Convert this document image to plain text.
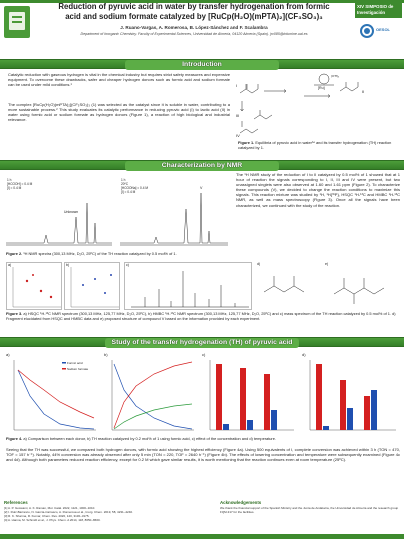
Reduction of pyruvic acid in water by transfer hydrogenation from formic
acid and sodium formate catalyzed by [RuCp(H₂O)(mPTA)₂](CF₃SO₃)₃
J. Ruano-Vargas, A. Romerosa, B. López-Sánchez and F. Scalambra
Department of Inorganic Chemistry. Faculty of Experimental Sciences, Universidad de Almería, 04120 Almería (Spain). jrv085@inlumine.ual.es
XIV SIMPOSIO de Investigación
OESOL
Introduction
Catalytic reduction with gaseous hydrogen is vital in the chemical industry but requires strict safety measures and expensive equipment. To overcome these drawbacks, safer and cheaper hydrogen donors such as formic acid and sodium formate can be used under mild conditions.¹
The complex [RuCp(H₂O)(mPTA)₂](CF₃SO₃)₃ (1) was selected as the catalyst since it is soluble in water, contributing to a more sustainable process.² This study evaluates its catalytic performance in reducing pyruvic acid (I) to lactic acid (II) in water using formic acid or sodium formate as hydrogen donors (Figure 1), a reaction of high biological and industrial relevance.
I
III
IV
II
[Ru]
(OTf)₃
Figure 1. Equilibria of pyruvic acid in water³⁴ and its transfer hydrogenation (TH) reaction catalyzed by 1.
Characterization by NMR
1 h [HCOOH] = 0.4 M [I] = 0.4 M
1 h 20ºC [HCOONa] = 0.4 M [I] = 0.4 M
Unknown
V
Figure 2. ¹H NMR spectra (300,13 MHz, D₂O, 25ºC) of the TH reaction catalyzed by 0.5 mol% of 1.
The ¹H NMR study of the reduction of I to II catalyzed by 0.5 mol% of 1 showed that at 1 hour of reaction the signals corresponding to I, II, III and IV were present, but two unassigned singlets were also observed at 1.60 and 1.61 ppm (Figure 2). To characterize these compounds (V), we decided to change the reaction conditions to maximize this signals. This reaction mixture was studied by ¹H, ¹H{³¹P}, HSQC ¹H-¹³C and HMBC ¹H-¹³C NMR, as well as mass spectroscopy (Figure 3). Once all the signals have been characterized, we continued with the study of the reaction.
a)	b)	c)	d)	e)
Figure 3. a) HSQC ¹H-¹³C NMR spectrum (300,13 MHz, 125,77 MHz, D₂O, 25ºC), b) HMBC ¹H-¹³C NMR spectrum (300,13 MHz, 125,77 MHz, D₂O, 25ºC) and c) mass spectrum of the TH reaction catalyzed by 0.5 mol% of 1. d) Fragment elucidated from HSQC and HMBC data and e) proposed structure of compound V based on the information provided by each experiment.
Study of the transfer hydrogenation (TH) of pyruvic acid
a)
Formic acid
Sodium formate
b)	c)	d)
Figure 4. a) Comparison between each donor, b) TH reaction catalyzed by 0.2 mol% of 1 using formic acid, c) effect of the concentration and d) temperature.
Seeing that the TH was successful, we compared both hydrogen donors, with formic acid showing the highest efficiency (Figure 4a). Using 500 equivalents of I, complete conversion was achieved within 3 h (TON = 470, TOF = 157 h⁻¹). Notably, 44% conversion was already observed after only 5 min (TON = 220, TOF = 2640 h⁻¹) (Figure 4b). The effects of lowering concentration and temperature were subsequently examined (Figure 4c and 4d). Although both parameters reduced reaction efficiency, except for 0.2 M which gave similar results, it is worth mentioning that the reaction continues even at room temperature (25ºC).
References
[1] A. P. Goswami, A. K. Raman, Mol. Catal. 2022, 1121, 1000–1010.
[2] I. Ruiz-Barranco, N. García-Carrasco, A. Romerosa et al., Inorg. Chem. 2019, 58, 4231–4240.
[3] R. K. Sharma, R. Kumar, Chem. Rev. 2020, 120, 3130–3175.
[4] A. Hanna, M. Schmidt et al., J. Phys. Chem. A 2014, 118, 8650–8660.
Acknowledgements
We thank the financial support of the Spanish Ministry and the Junta de Andalucía, the Universidad de Almería and the research group FQM-317 for the facilities.
